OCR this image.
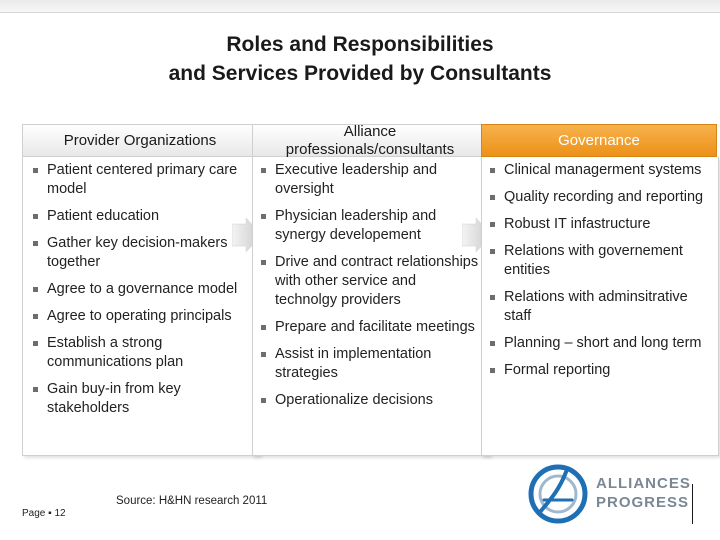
Roles and Responsibilities
and Services Provided by Consultants
Provider Organizations
Patient centered primary care model
Patient education
Gather key decision-makers together
Agree to a governance model
Agree to operating principals
Establish a strong communications plan
Gain buy-in from key stakeholders
Alliance professionals/consultants
Executive leadership and oversight
Physician leadership and synergy developement
Drive and contract relationships with other service and technolgy providers
Prepare and facilitate meetings
Assist in implementation strategies
Operationalize decisions
Governance
Clinical managerment systems
Quality recording and reporting
Robust IT infastructure
Relations with governement entities
Relations with adminsitrative staff
Planning – short and long term
Formal reporting
Source: H&HN research 2011
Page ▪ 12
ALLIANCES
PROGRESS
